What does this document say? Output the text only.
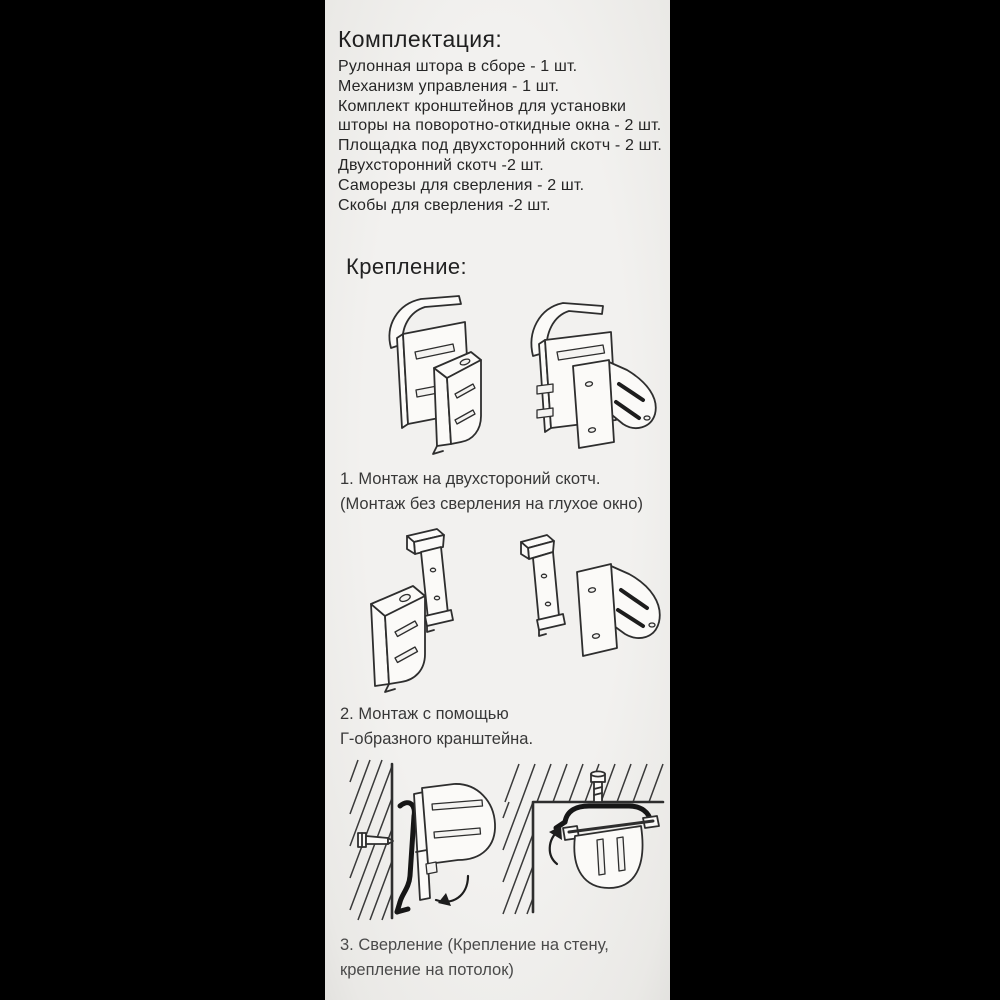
Комплектация:
Рулонная штора в сборе - 1 шт.
Механизм управления - 1 шт.
Комплект кронштейнов для установки
шторы на поворотно-откидные окна - 2 шт.
Площадка под двухсторонний скотч - 2 шт.
Двухсторонний скотч -2 шт.
Саморезы для сверления - 2 шт.
Скобы для сверления -2 шт.
Крепление:
1. Монтаж на двухстороний скотч.
(Монтаж без сверления на глухое окно)
2. Монтаж с помощью
Г-образного кранштейна.
3. Сверление (Крепление на стену,
крепление на потолок)
